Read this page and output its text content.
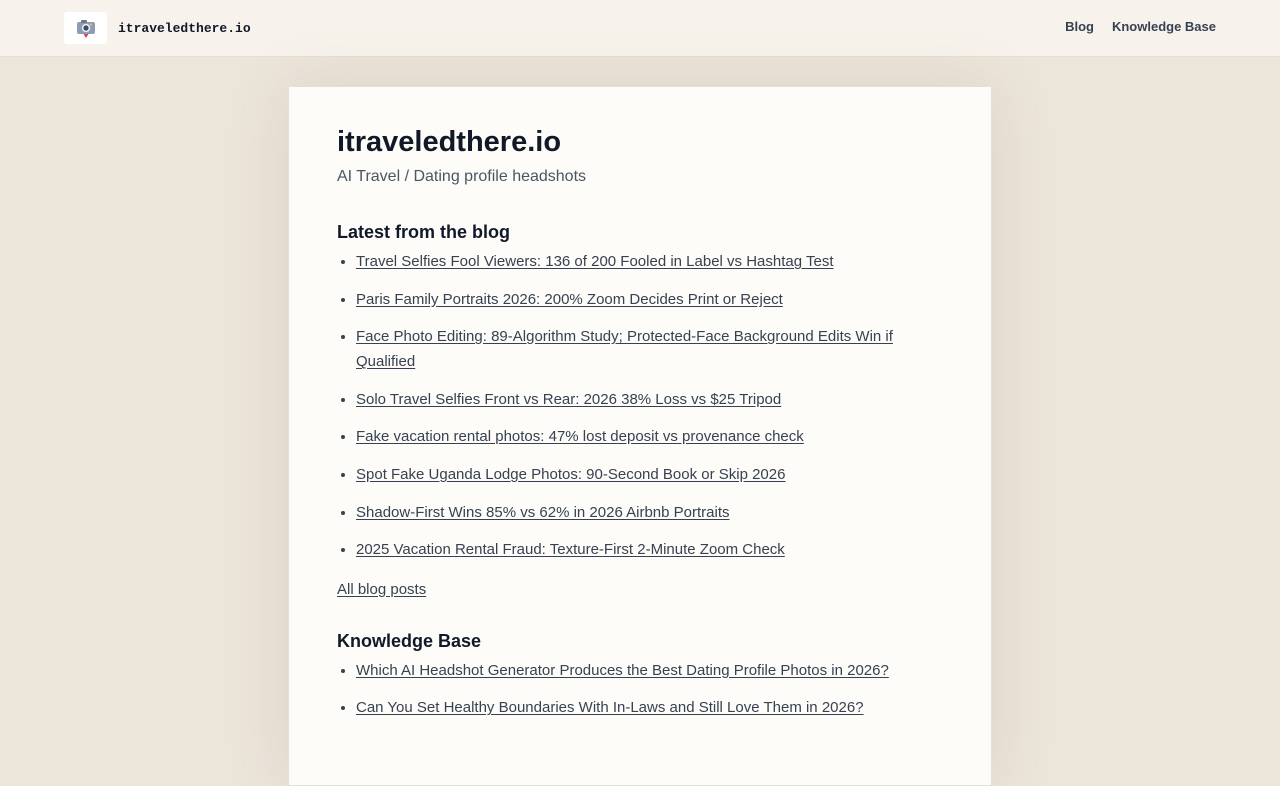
itraveledthere.io	Blog Knowledge Base
itraveledthere.io

AI Travel / Dating profile headshots

Latest from the blog
• Travel Selfies Fool Viewers: 136 of 200 Fooled in Label vs Hashtag Test
• Paris Family Portraits 2026: 200% Zoom Decides Print or Reject
• Face Photo Editing: 89-Algorithm Study; Protected-Face Background Edits Win if Qualified
• Solo Travel Selfies Front vs Rear: 2026 38% Loss vs $25 Tripod
• Fake vacation rental photos: 47% lost deposit vs provenance check
• Spot Fake Uganda Lodge Photos: 90-Second Book or Skip 2026
• Shadow-First Wins 85% vs 62% in 2026 Airbnb Portraits
• 2025 Vacation Rental Fraud: Texture-First 2-Minute Zoom Check
All blog posts
Knowledge Base
• Which AI Headshot Generator Produces the Best Dating Profile Photos in 2026?
• Can You Set Healthy Boundaries With In-Laws and Still Love Them in 2026?
